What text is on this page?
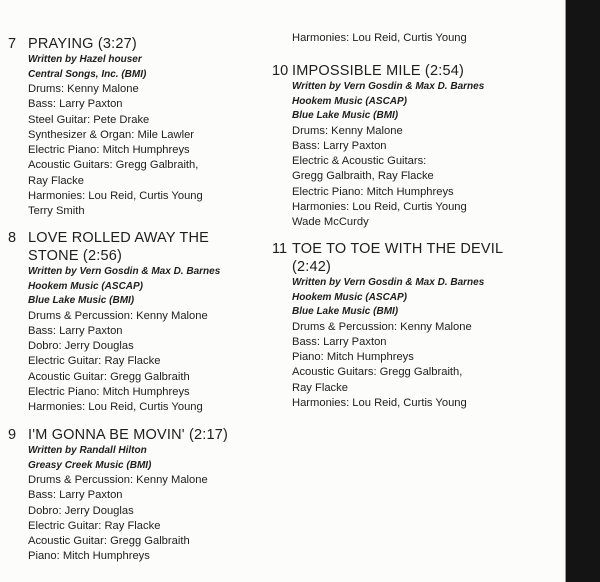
7 PRAYING (3:27)
Written by Hazel houser
Central Songs, Inc. (BMI)
Drums: Kenny Malone
Bass: Larry Paxton
Steel Guitar: Pete Drake
Synthesizer & Organ: Mile Lawler
Electric Piano: Mitch Humphreys
Acoustic Guitars: Gregg Galbraith,
Ray Flacke
Harmonies: Lou Reid, Curtis Young
Terry Smith
8 LOVE ROLLED AWAY THE
STONE (2:56)
Written by Vern Gosdin & Max D. Barnes
Hookem Music (ASCAP)
Blue Lake Music (BMI)
Drums & Percussion: Kenny Malone
Bass: Larry Paxton
Dobro: Jerry Douglas
Electric Guitar: Ray Flacke
Acoustic Guitar: Gregg Galbraith
Electric Piano: Mitch Humphreys
Harmonies: Lou Reid, Curtis Young
9 I'M GONNA BE MOVIN' (2:17)
Written by Randall Hilton
Greasy Creek Music (BMI)
Drums & Percussion: Kenny Malone
Bass: Larry Paxton
Dobro: Jerry Douglas
Electric Guitar: Ray Flacke
Acoustic Guitar: Gregg Galbraith
Piano: Mitch Humphreys
Harmonies: Lou Reid, Curtis Young
10 IMPOSSIBLE MILE (2:54)
Written by Vern Gosdin & Max D. Barnes
Hookem Music (ASCAP)
Blue Lake Music (BMI)
Drums: Kenny Malone
Bass: Larry Paxton
Electric & Acoustic Guitars:
Gregg Galbraith, Ray Flacke
Electric Piano: Mitch Humphreys
Harmonies: Lou Reid, Curtis Young
Wade McCurdy
11 TOE TO TOE WITH THE DEVIL
(2:42)
Written by Vern Gosdin & Max D. Barnes
Hookem Music (ASCAP)
Blue Lake Music (BMI)
Drums & Percussion: Kenny Malone
Bass: Larry Paxton
Piano: Mitch Humphreys
Acoustic Guitars: Gregg Galbraith,
Ray Flacke
Harmonies: Lou Reid, Curtis Young
